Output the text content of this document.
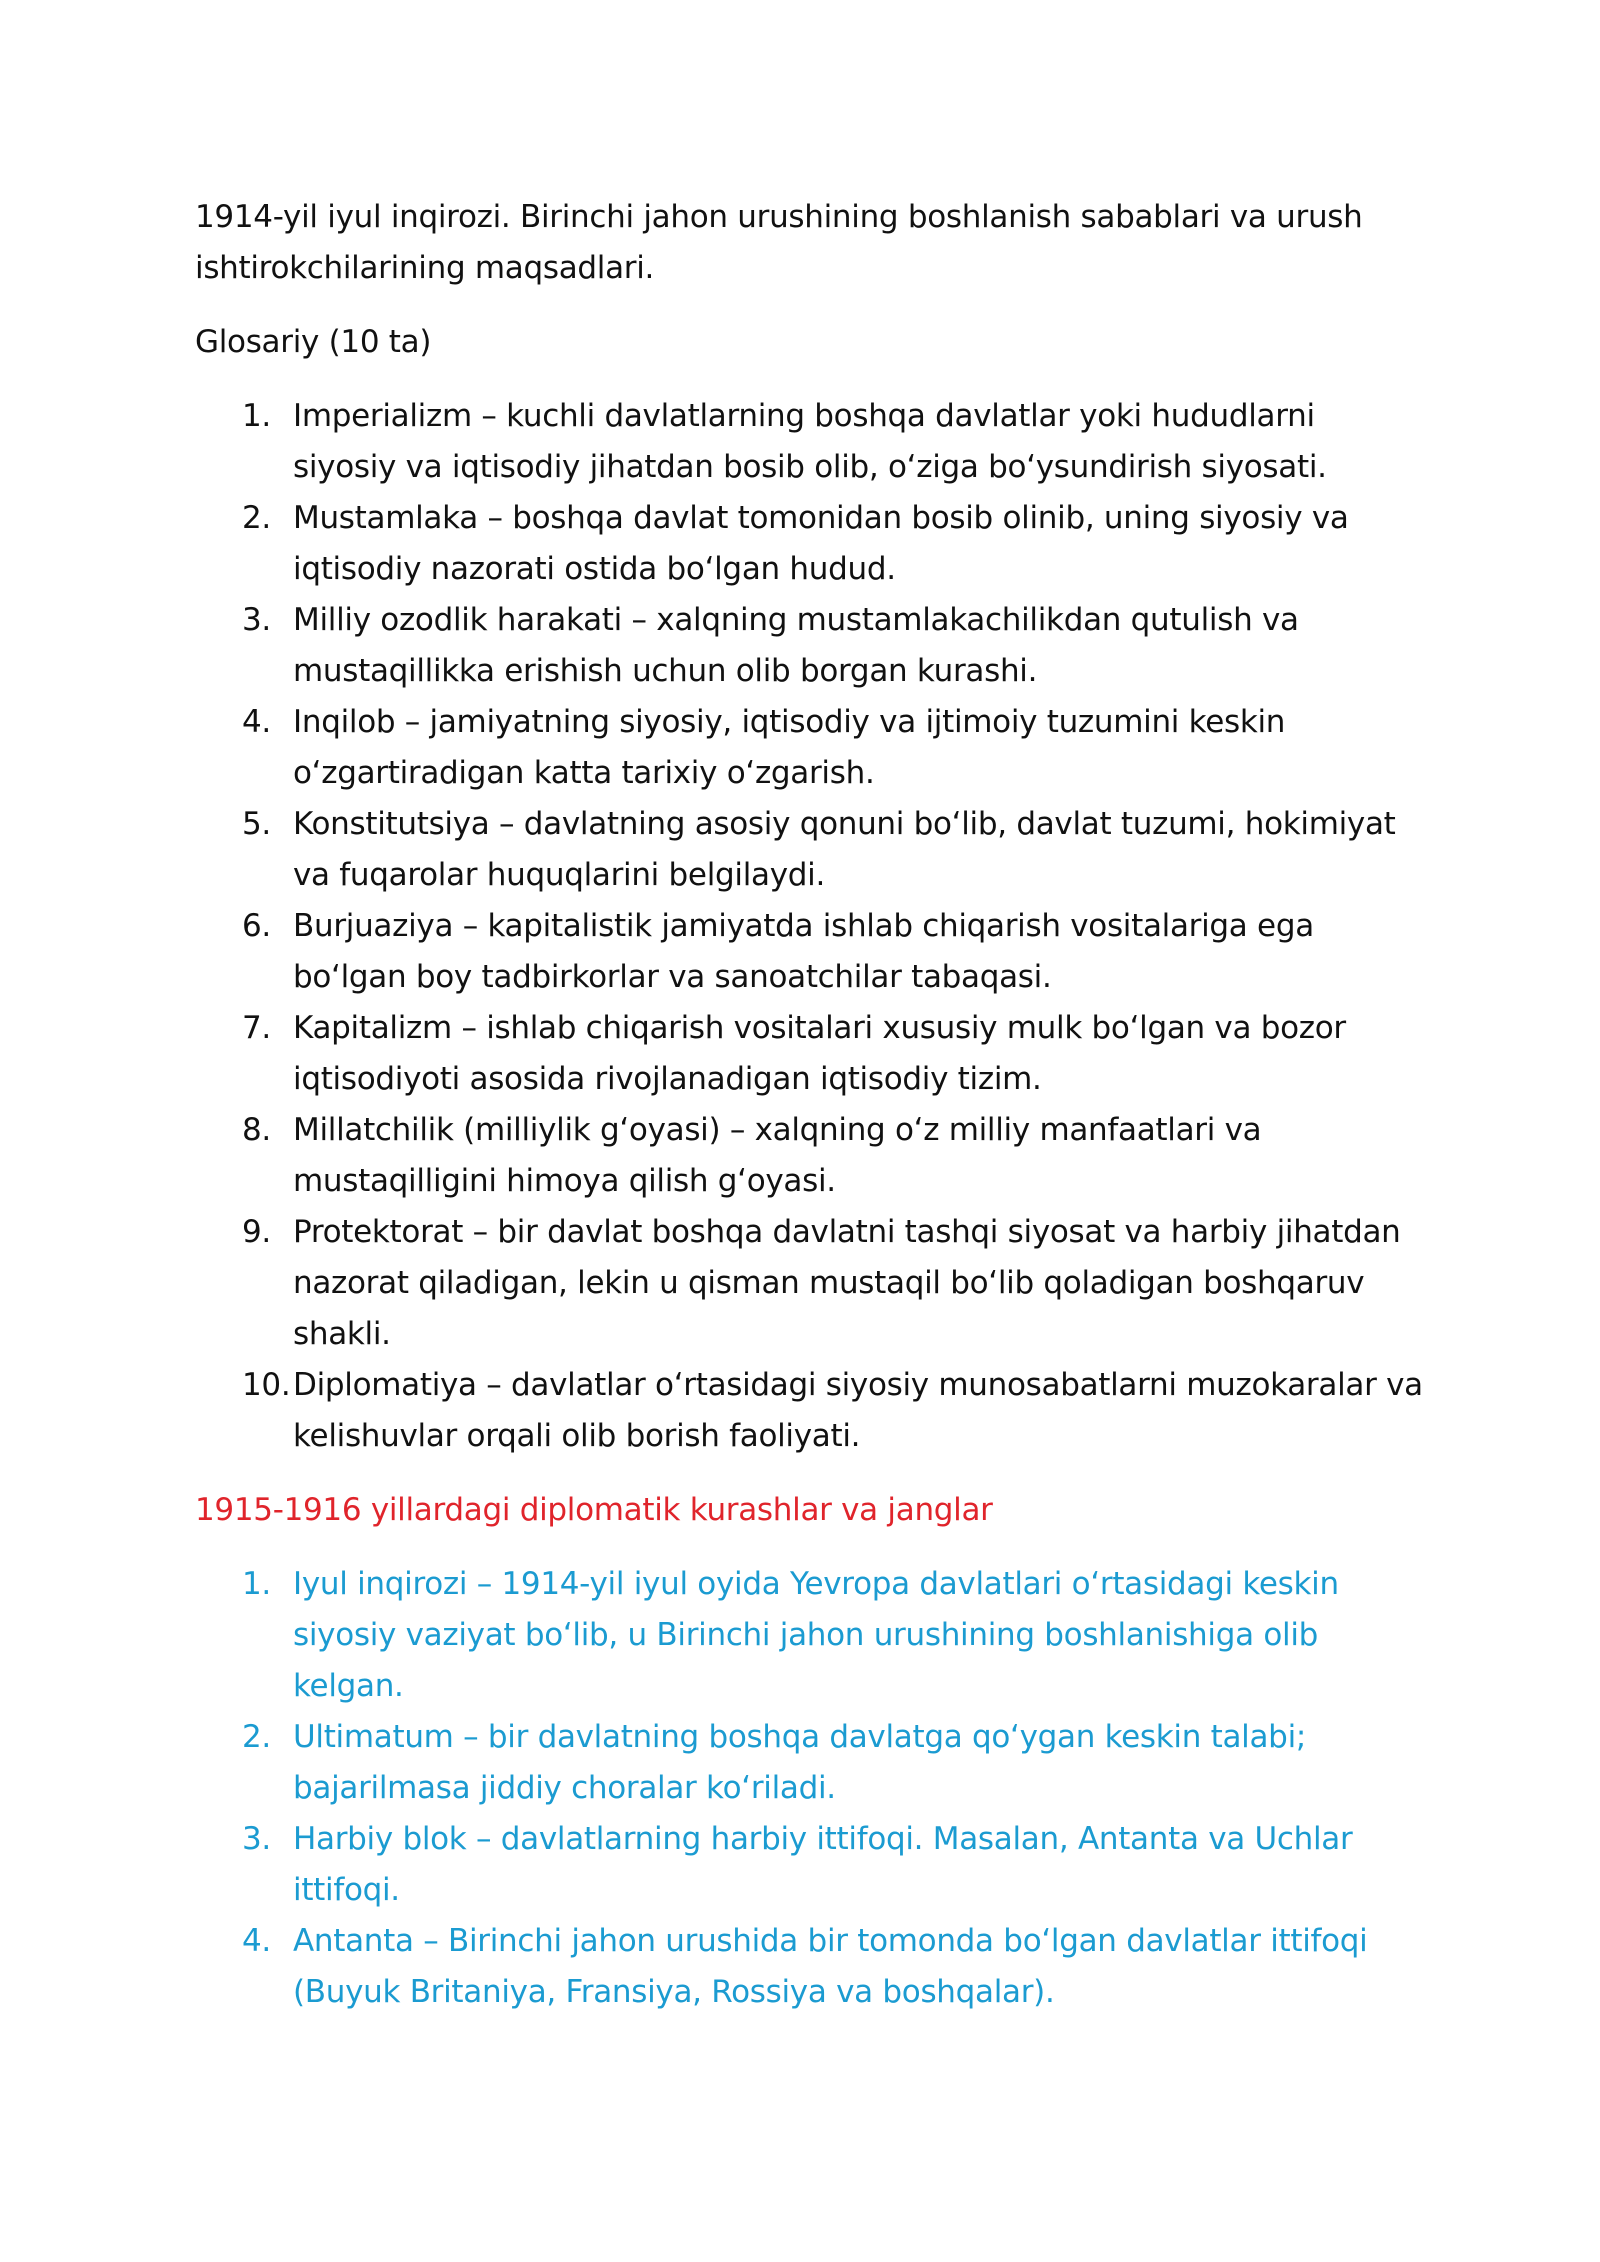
1914-yil iyul inqirozi. Birinchi jahon urushining boshlanish sabablari va urush ishtirokchilarining maqsadlari.

Glosariy (10 ta)

1. Imperializm – kuchli davlatlarning boshqa davlatlar yoki hududlarni siyosiy va iqtisodiy jihatdan bosib olib, oʻziga boʻysundirish siyosati.
2. Mustamlaka – boshqa davlat tomonidan bosib olinib, uning siyosiy va iqtisodiy nazorati ostida boʻlgan hudud.
3. Milliy ozodlik harakati – xalqning mustamlakachilikdan qutulish va mustaqillikka erishish uchun olib borgan kurashi.
4. Inqilob – jamiyatning siyosiy, iqtisodiy va ijtimoiy tuzumini keskin oʻzgartiradigan katta tarixiy oʻzgarish.
5. Konstitutsiya – davlatning asosiy qonuni boʻlib, davlat tuzumi, hokimiyat va fuqarolar huquqlarini belgilaydi.
6. Burjuaziya – kapitalistik jamiyatda ishlab chiqarish vositalariga ega boʻlgan boy tadbirkorlar va sanoatchilar tabaqasi.
7. Kapitalizm – ishlab chiqarish vositalari xususiy mulk boʻlgan va bozor iqtisodiyoti asosida rivojlanadigan iqtisodiy tizim.
8. Millatchilik (milliylik gʻoyasi) – xalqning oʻz milliy manfaatlari va mustaqilligini himoya qilish gʻoyasi.
9. Protektorat – bir davlat boshqa davlatni tashqi siyosat va harbiy jihatdan nazorat qiladigan, lekin u qisman mustaqil boʻlib qoladigan boshqaruv shakli.
10. Diplomatiya – davlatlar oʻrtasidagi siyosiy munosabatlarni muzokaralar va kelishuvlar orqali olib borish faoliyati.

1915-1916 yillardagi diplomatik kurashlar va janglar

1. Iyul inqirozi – 1914-yil iyul oyida Yevropa davlatlari oʻrtasidagi keskin siyosiy vaziyat boʻlib, u Birinchi jahon urushining boshlanishiga olib kelgan.
2. Ultimatum – bir davlatning boshqa davlatga qoʻygan keskin talabi; bajarilmasa jiddiy choralar koʻriladi.
3. Harbiy blok – davlatlarning harbiy ittifoqi. Masalan, Antanta va Uchlar ittifoqi.
4. Antanta – Birinchi jahon urushida bir tomonda boʻlgan davlatlar ittifoqi (Buyuk Britaniya, Fransiya, Rossiya va boshqalar).
